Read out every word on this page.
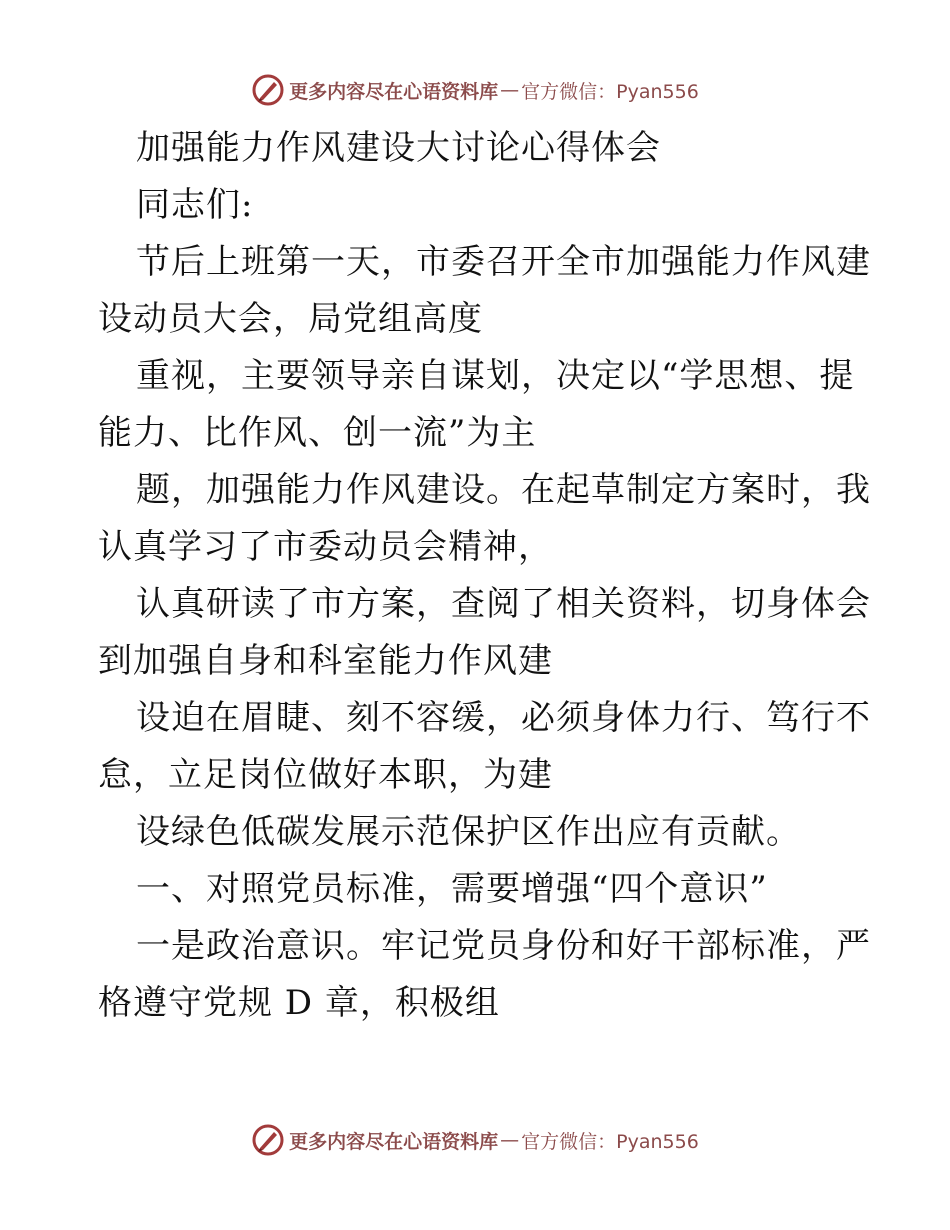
更多内容尽在心语资料库 — 官方微信：Pyan556
加强能力作风建设大讨论心得体会
同志们:
节后上班第一天，市委召开全市加强能力作风建
设动员大会，局党组高度
重视，主要领导亲自谋划，决定以“学思想、提
能力、比作风、创一流”为主
题，加强能力作风建设。在起草制定方案时，我
认真学习了市委动员会精神，
认真研读了市方案，查阅了相关资料，切身体会
到加强自身和科室能力作风建
设迫在眉睫、刻不容缓，必须身体力行、笃行不
怠，立足岗位做好本职，为建
设绿色低碳发展示范保护区作出应有贡献。
一、对照党员标准，需要增强“四个意识”
一是政治意识。牢记党员身份和好干部标准，严
格遵守党规 D 章，积极组
更多内容尽在心语资料库 — 官方微信：Pyan556
